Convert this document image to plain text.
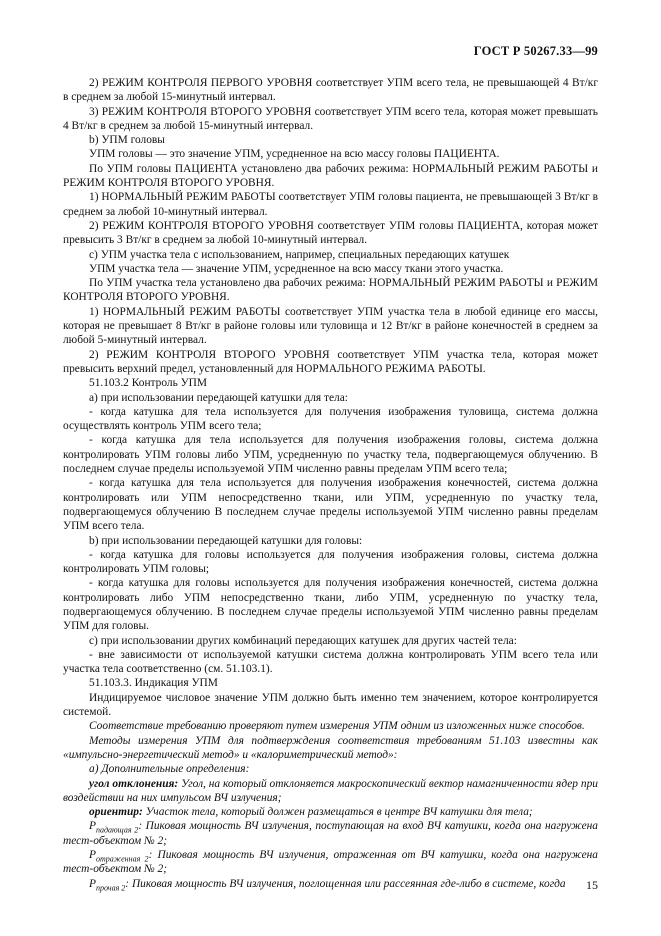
ГОСТ Р 50267.33—99

2) РЕЖИМ КОНТРОЛЯ ПЕРВОГО УРОВНЯ соответствует УПМ всего тела, не превышающей 4 Вт/кг в среднем за любой 15-минутный интервал.

3) РЕЖИМ КОНТРОЛЯ ВТОРОГО УРОВНЯ соответствует УПМ всего тела, которая может превышать 4 Вт/кг в среднем за любой 15-минутный интервал.

b) УПМ головы

УПМ головы — это значение УПМ, усредненное на всю массу головы ПАЦИЕНТА.

По УПМ головы ПАЦИЕНТА установлено два рабочих режима: НОРМАЛЬНЫЙ РЕЖИМ РАБОТЫ и РЕЖИМ КОНТРОЛЯ ВТОРОГО УРОВНЯ.

1) НОРМАЛЬНЫЙ РЕЖИМ РАБОТЫ соответствует УПМ головы пациента, не превышающей 3 Вт/кг в среднем за любой 10-минутный интервал.

2) РЕЖИМ КОНТРОЛЯ ВТОРОГО УРОВНЯ соответствует УПМ головы ПАЦИЕНТА, которая может превысить 3 Вт/кг в среднем за любой 10-минутный интервал.

c) УПМ участка тела с использованием, например, специальных передающих катушек

УПМ участка тела — значение УПМ, усредненное на всю массу ткани этого участка.

По УПМ участка тела установлено два рабочих режима: НОРМАЛЬНЫЙ РЕЖИМ РАБОТЫ и РЕЖИМ КОНТРОЛЯ ВТОРОГО УРОВНЯ.

1) НОРМАЛЬНЫЙ РЕЖИМ РАБОТЫ соответствует УПМ участка тела в любой единице его массы, которая не превышает 8 Вт/кг в районе головы или туловища и 12 Вт/кг в районе конечностей в среднем за любой 5-минутный интервал.

2) РЕЖИМ КОНТРОЛЯ ВТОРОГО УРОВНЯ соответствует УПМ участка тела, которая может превысить верхний предел, установленный для НОРМАЛЬНОГО РЕЖИМА РАБОТЫ.

51.103.2 Контроль УПМ

а) при использовании передающей катушки для тела:

- когда катушка для тела используется для получения изображения туловища, система должна осуществлять контроль УПМ всего тела;

- когда катушка для тела используется для получения изображения головы, система должна контролировать УПМ головы либо УПМ, усредненную по участку тела, подвергающемуся облучению. В последнем случае пределы используемой УПМ численно равны пределам УПМ всего тела;

- когда катушка для тела используется для получения изображения конечностей, система должна контролировать или УПМ непосредственно ткани, или УПМ, усредненную по участку тела, подвергающемуся облучению В последнем случае пределы используемой УПМ численно равны пределам УПМ всего тела.

b) при использовании передающей катушки для головы:

- когда катушка для головы используется для получения изображения головы, система должна контролировать УПМ головы;

- когда катушка для головы используется для получения изображения конечностей, система должна контролировать либо УПМ непосредственно ткани, либо УПМ, усредненную по участку тела, подвергающемуся облучению. В последнем случае пределы используемой УПМ численно равны пределам УПМ для головы.

c) при использовании других комбинаций передающих катушек для других частей тела:

- вне зависимости от используемой катушки система должна контролировать УПМ всего тела или участка тела соответственно (см. 51.103.1).

51.103.3. Индикация УПМ

Индицируемое числовое значение УПМ должно быть именно тем значением, которое контролируется системой.

Соответствие требованию проверяют путем измерения УПМ одним из изложенных ниже способов.

Методы измерения УПМ для подтверждения соответствия требованиям 51.103 известны как «импульсно-энергетический метод» и «калориметрический метод»:

а) Дополнительные определения:

угол отклонения: Угол, на который отклоняется макроскопический вектор намагниченности ядер при воздействии на них импульсом ВЧ излучения;

ориентир: Участок тела, который должен размещаться в центре ВЧ катушки для тела;

$P_{падающая 2}$: Пиковая мощность ВЧ излучения, поступающая на вход ВЧ катушки, когда она нагружена тест-объектом № 2;

$P_{отраженная 2}$: Пиковая мощность ВЧ излучения, отраженная от ВЧ катушки, когда она нагружена тест-объектом № 2;

$P_{прочая 2}$: Пиковая мощность ВЧ излучения, поглощенная или рассеянная где-либо в системе, когда	15
